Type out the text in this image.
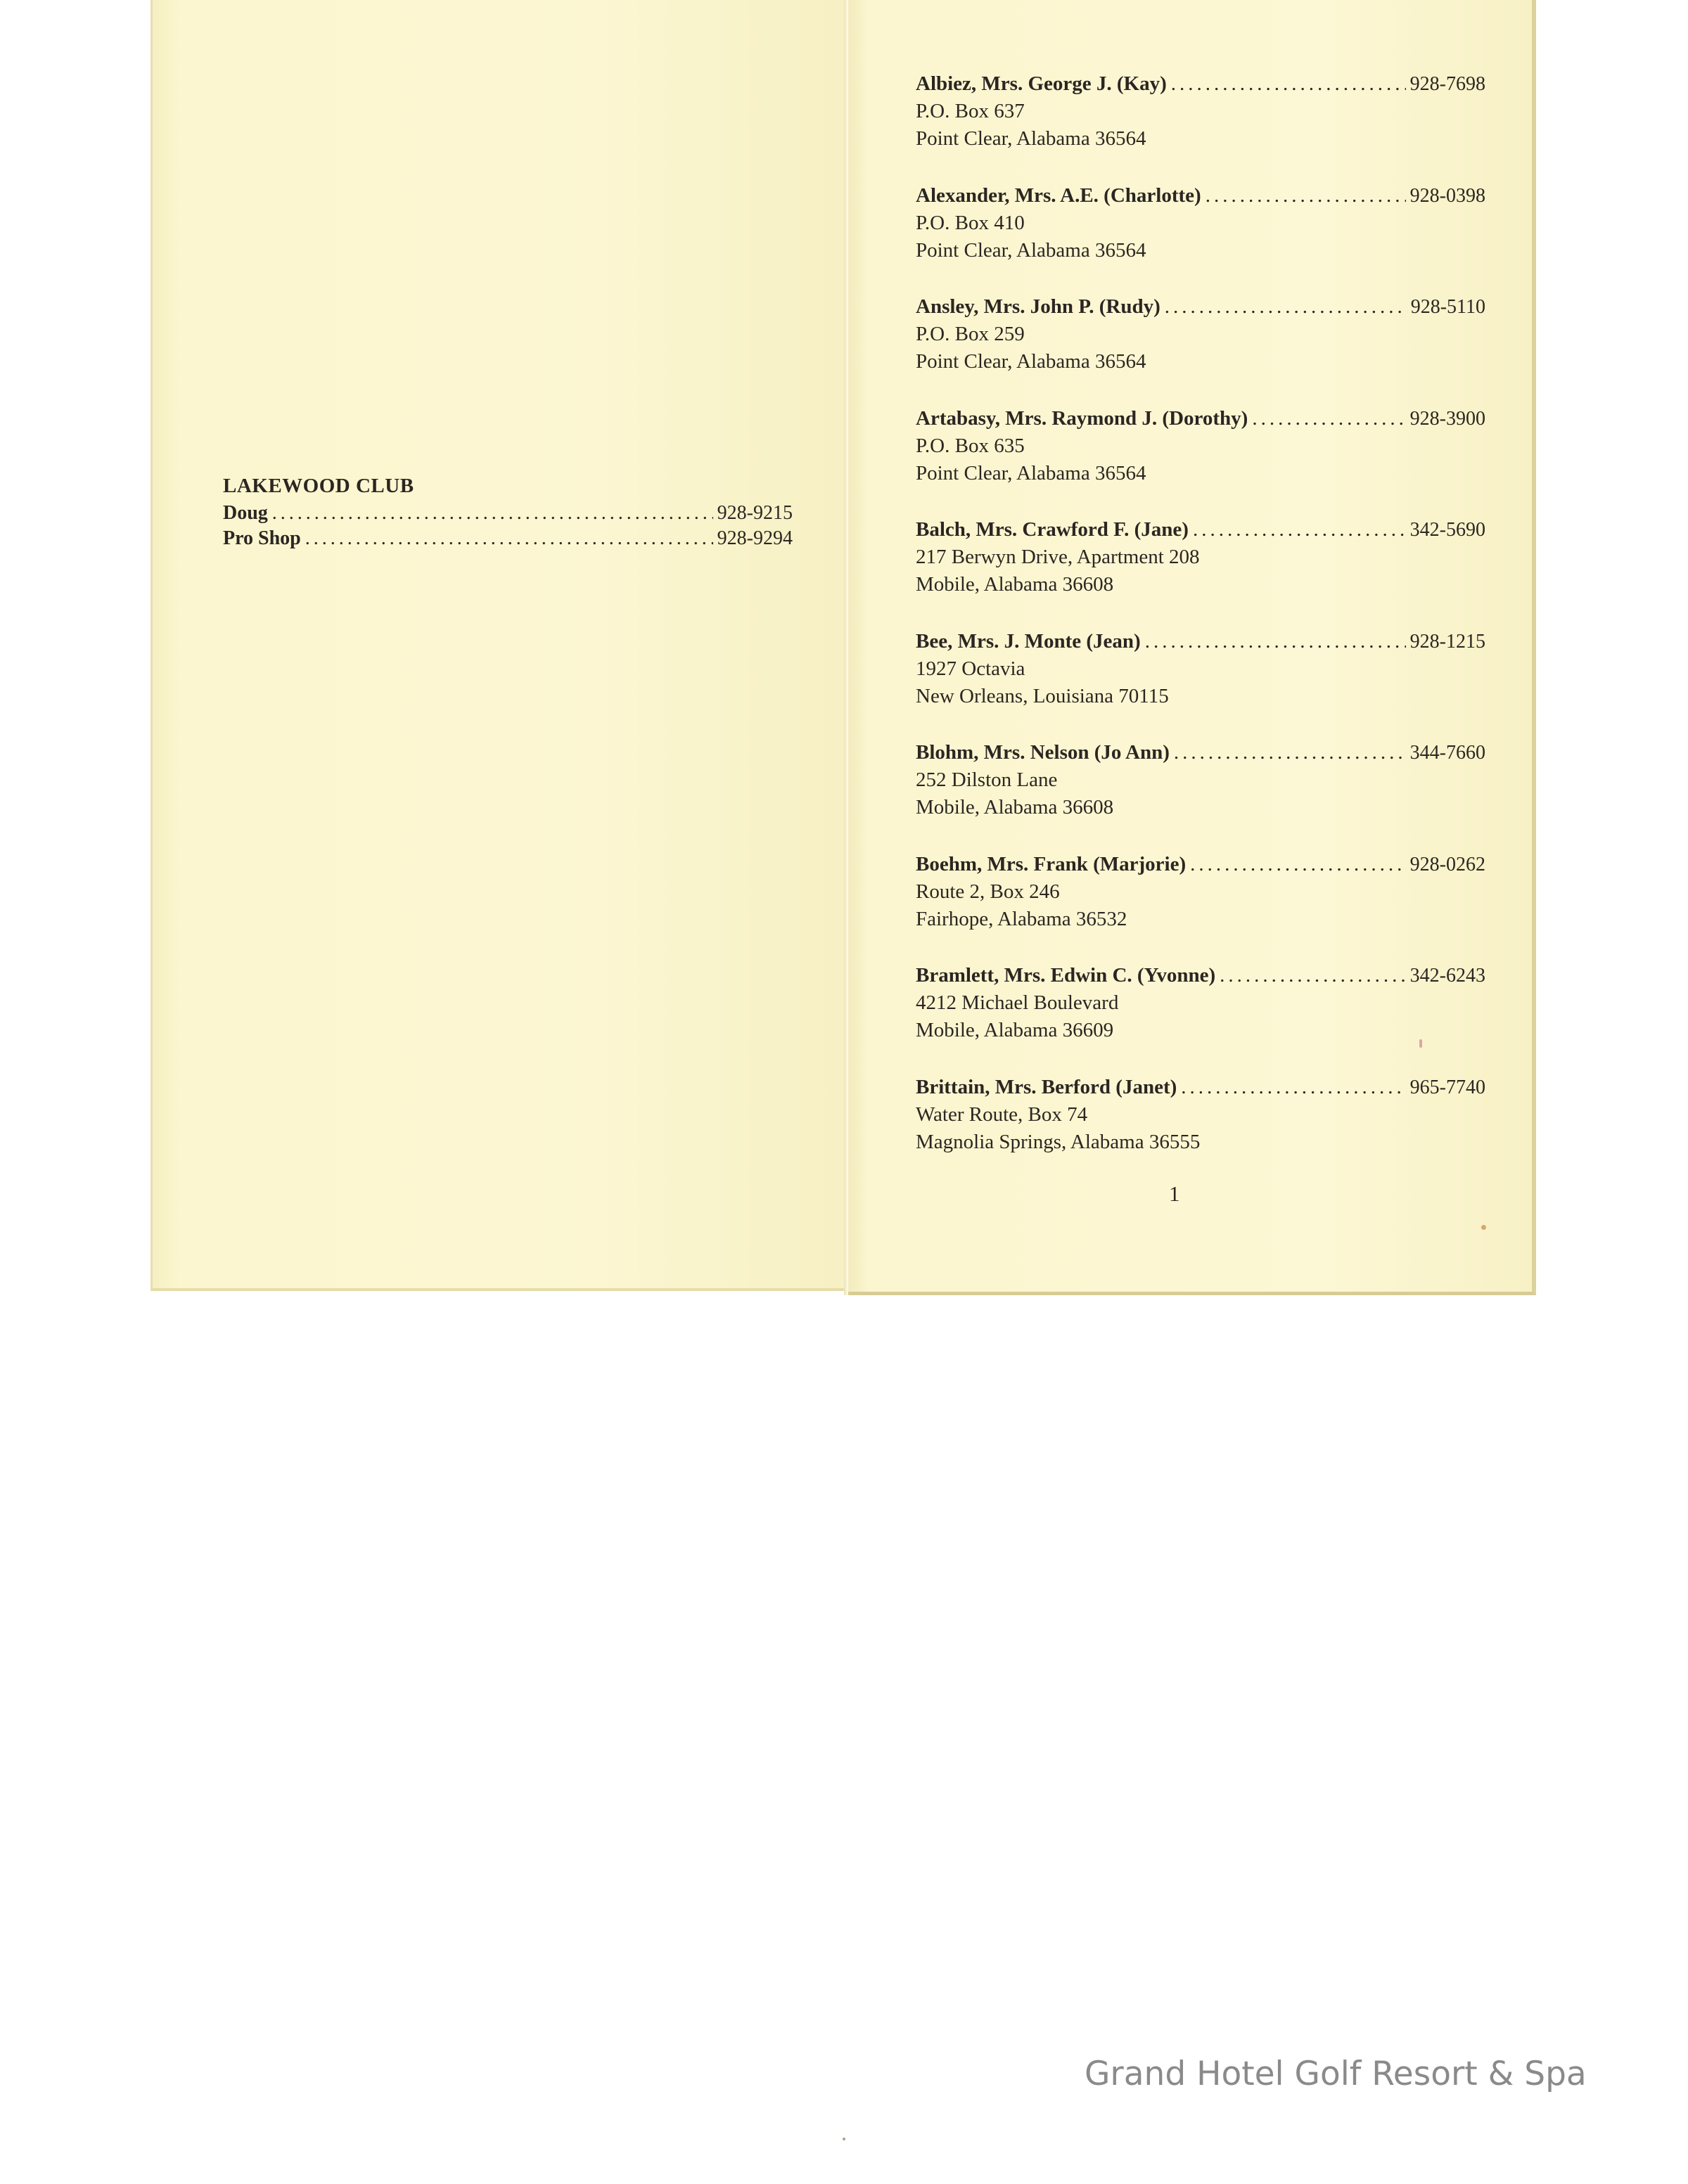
LAKEWOOD CLUB
Doug .....	928-9215
Pro Shop .....	928-9294
Albiez, Mrs. George J. (Kay) .....	928-7698
P.O. Box 637
Point Clear, Alabama 36564
Alexander, Mrs. A.E. (Charlotte) .....	928-0398
P.O. Box 410
Point Clear, Alabama 36564
Ansley, Mrs. John P. (Rudy) .....	928-5110
P.O. Box 259
Point Clear, Alabama 36564
Artabasy, Mrs. Raymond J. (Dorothy) .....	928-3900
P.O. Box 635
Point Clear, Alabama 36564
Balch, Mrs. Crawford F. (Jane) .....	342-5690
217 Berwyn Drive, Apartment 208
Mobile, Alabama 36608
Bee, Mrs. J. Monte (Jean) .....	928-1215
1927 Octavia
New Orleans, Louisiana 70115
Blohm, Mrs. Nelson (Jo Ann) .....	344-7660
252 Dilston Lane
Mobile, Alabama 36608
Boehm, Mrs. Frank (Marjorie) .....	928-0262
Route 2, Box 246
Fairhope, Alabama 36532
Bramlett, Mrs. Edwin C. (Yvonne) .....	342-6243
4212 Michael Boulevard
Mobile, Alabama 36609
Brittain, Mrs. Berford (Janet) .....	965-7740
Water Route, Box 74
Magnolia Springs, Alabama 36555
1
Grand Hotel Golf Resort & Spa
